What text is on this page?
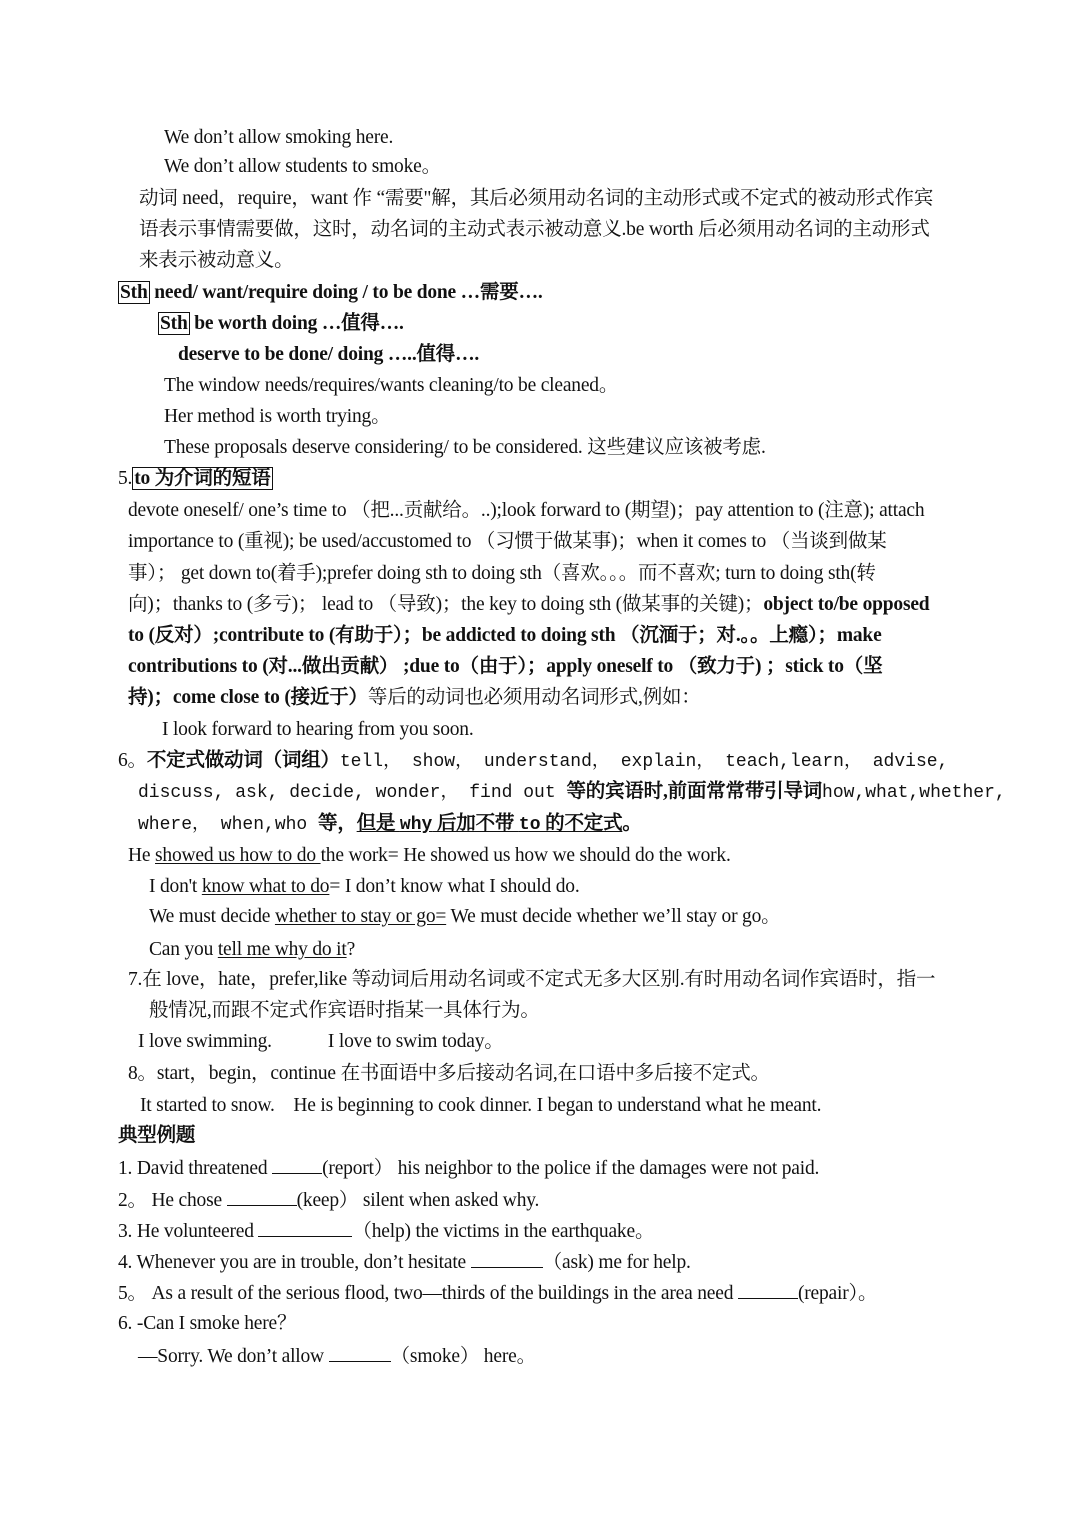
We don’t allow smoking here.
We don’t allow students to smoke。
动词 need，require，want 作 “需要"解，其后必须用动名词的主动形式或不定式的被动形式作宾
语表示事情需要做，这时，动名词的主动式表示被动意义.be worth 后必须用动名词的主动形式
来表示被动意义。
Sth need/ want/require doing / to be done …需要….
Sth be worth doing …值得….
deserve to be done/ doing …..值得….
The window needs/requires/wants cleaning/to be cleaned。
Her method is worth trying。
These proposals deserve considering/ to be considered. 这些建议应该被考虑.
5. to 为介词的短语
devote oneself/ one’s time to （把...贡献给。..);look forward to (期望)；pay attention to (注意); attach
importance to (重视); be used/accustomed to （习惯于做某事)；when it comes to （当谈到做某
事）； get down to(着手);prefer doing sth to doing sth（喜欢。。。而不喜欢; turn to doing sth(转
向)；thanks to (多亏)； lead to （导致)；the key to doing sth (做某事的关键)；object to/be opposed
to (反对）;contribute to (有助于）；be addicted to doing sth （沉湎于；对.。。上瘾）；make
contributions to (对...做出贡献） ;due to（由于）；apply oneself to （致力于) ；stick to（坚
持)；come close to (接近于）等后的动词也必须用动名词形式,例如：
I look forward to hearing from you soon.
6。不定式做动词（词组）tell， show， understand， explain， teach,learn， advise,
discuss, ask, decide, wonder， find out 等的宾语时,前面常常带引导词how,what,whether,
where， when,who 等，但是 why 后加不带 to 的不定式。
He showed us how to do the work= He showed us how we should do the work.
I don't know what to do= I don’t know what I should do.
We must decide whether to stay or go= We must decide whether we’ll stay or go。
Can you tell me why do it?
7.在 love，hate，prefer,like 等动词后用动名词或不定式无多大区别.有时用动名词作宾语时，指一
般情况,而跟不定式作宾语时指某一具体行为。
I love swimming.            I love to swim today。
8。start，begin，continue 在书面语中多后接动名词,在口语中多后接不定式。
It started to snow.    He is beginning to cook dinner. I began to understand what he meant.
典型例题
1. David threatened	(report） his neighbor to the police if the damages were not paid.
2。 He chose	(keep） silent when asked why.
3. He volunteered	（help) the victims in the earthquake。
4. Whenever you are in trouble, don’t hesitate	（ask) me for help.
5。 As a result of the serious flood, two—thirds of the buildings in the area need	(repair）。
6. -Can I smoke here？
—Sorry. We don’t allow	（smoke） here。
